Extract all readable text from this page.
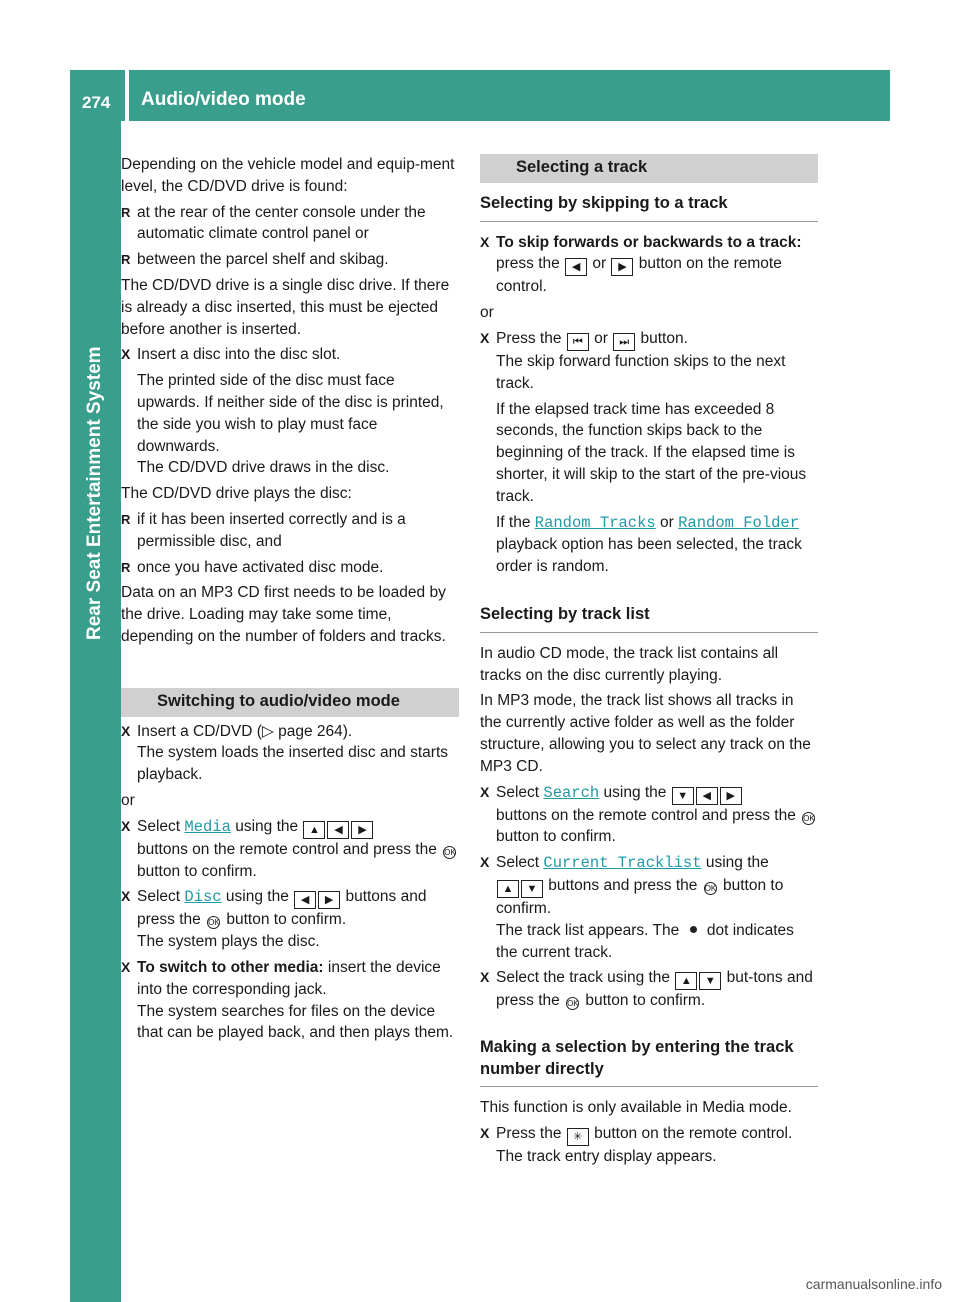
274 Audio/video mode
Rear Seat Entertainment System

Depending on the vehicle model and equip-ment level, the CD/DVD drive is found:

R at the rear of the center console under the automatic climate control panel or

R between the parcel shelf and skibag.

The CD/DVD drive is a single disc drive. If there is already a disc inserted, this must be ejected before another is inserted.

X Insert a disc into the disc slot.

The printed side of the disc must face upwards. If neither side of the disc is printed, the side you wish to play must face downwards.

The CD/DVD drive draws in the disc.

The CD/DVD drive plays the disc:

R if it has been inserted correctly and is a permissible disc, and

R once you have activated disc mode.

Data on an MP3 CD first needs to be loaded by the drive. Loading may take some time, depending on the number of folders and tracks.

Switching to audio/video mode

X Insert a CD/DVD (▷ page 264).

The system loads the inserted disc and starts playback.

or

X Select Media using the ▲ ◀ ▶
buttons on the remote control and press the OK button to confirm.

X Select Disc using the ◀ ▶ buttons and press the OK button to confirm.

The system plays the disc.

X To switch to other media: insert the device into the corresponding jack.

The system searches for files on the device that can be played back, and then plays them.

Selecting a track
Selecting by skipping to a track

X To skip forwards or backwards to a track: press the ◀ or ▶ button on the remote control.

or

X Press the ⏮ or ⏭ button.

The skip forward function skips to the next track.

If the elapsed track time has exceeded 8 seconds, the function skips back to the beginning of the track. If the elapsed time is shorter, it will skip to the start of the pre-vious track.

If the Random Tracks or Random Folder playback option has been selected, the track order is random.

Selecting by track list

In audio CD mode, the track list contains all tracks on the disc currently playing.

In MP3 mode, the track list shows all tracks in the currently active folder as well as the folder structure, allowing you to select any track on the MP3 CD.

X Select Search using the ▼ ◀ ▶
buttons on the remote control and press the OK button to confirm.

X Select Current Tracklist using the
▲ ▼ buttons and press the OK button to confirm.

The track list appears. The  dot indicates the current track.

X Select the track using the ▲ ▼ but-tons and press the OK button to confirm.

Making a selection by entering the track number directly

This function is only available in Media mode.

X Press the ✳ button on the remote control.

The track entry display appears.

carmanualsonline.info
